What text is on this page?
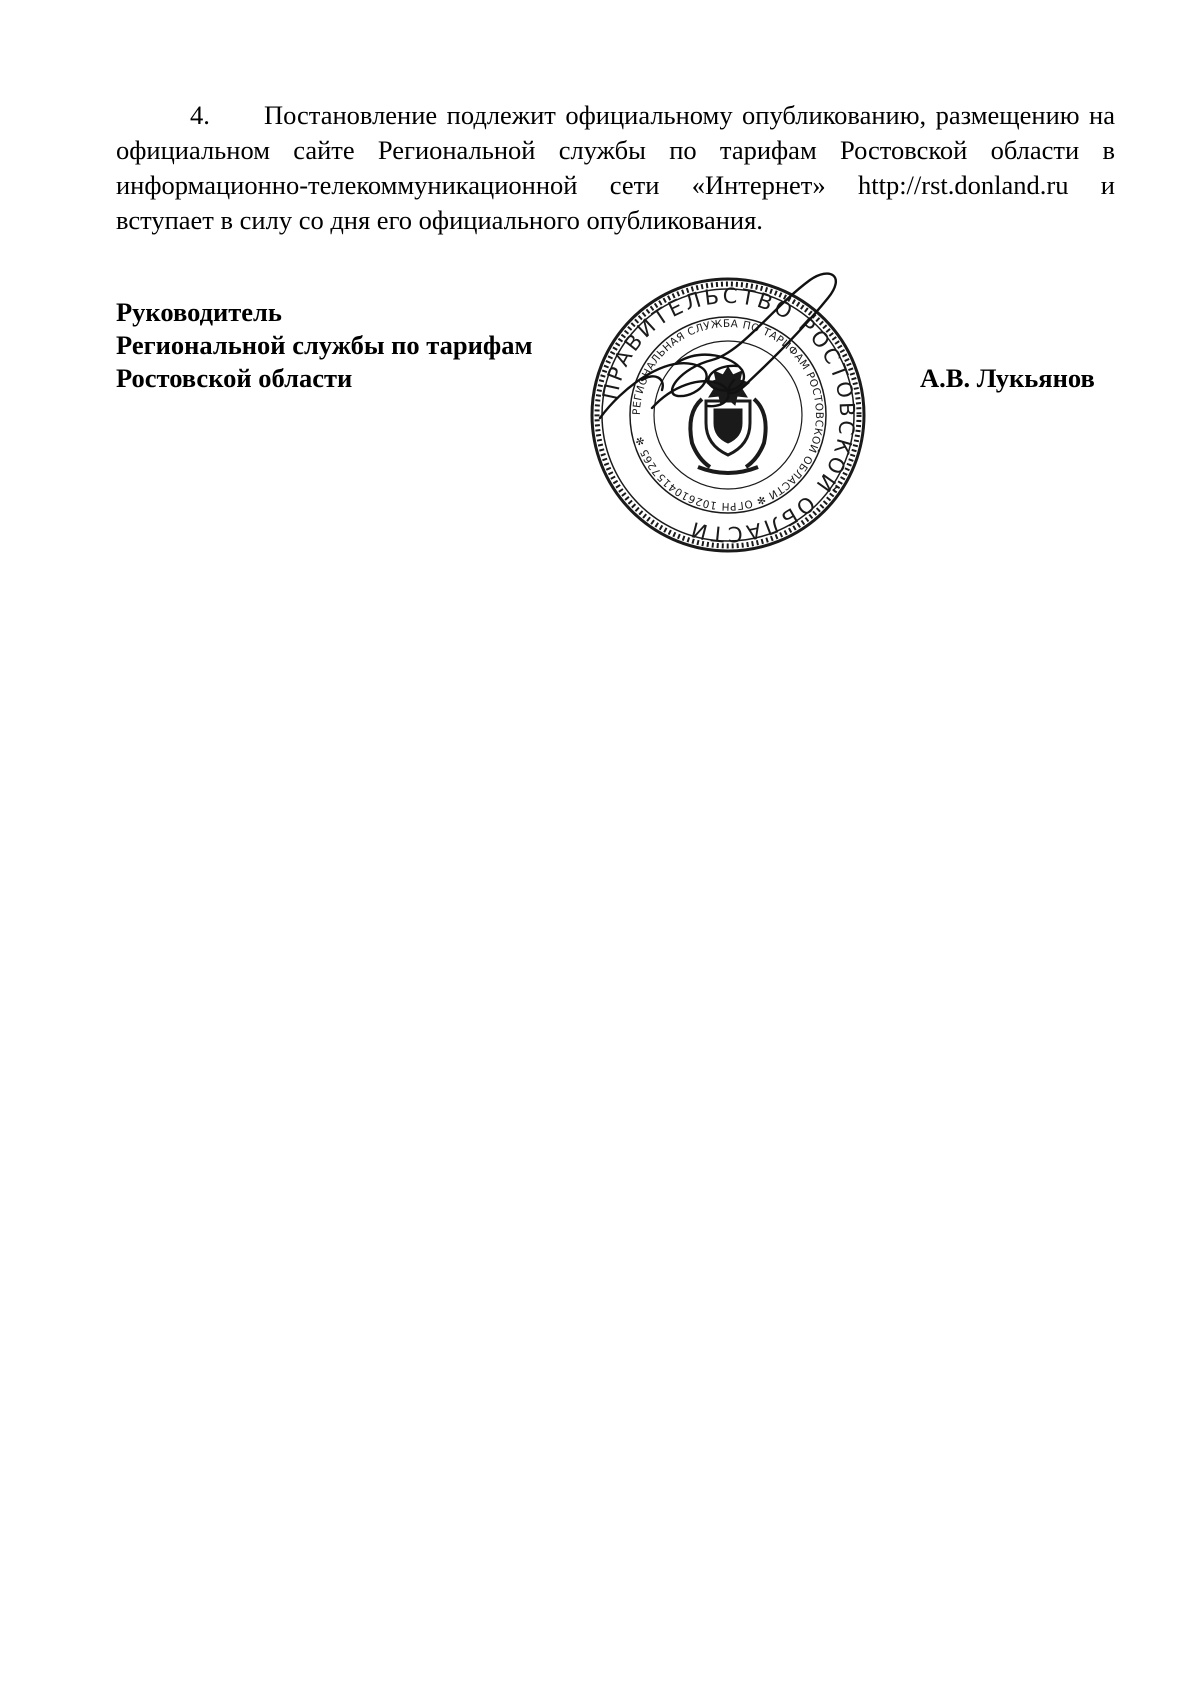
4. Постановление подлежит официальному опубликованию, размещению на официальном сайте Региональной службы по тарифам Ростовской области в информационно-телекоммуникационной сети «Интернет» http://rst.donland.ru и вступает в силу со дня его официального опубликования.

Руководитель
Региональной службы по тарифам
Ростовской области	ПРАВИТЕЛЬСТВО РОСТОВСКОЙ ОБЛАСТИ
РЕГИОНАЛЬНАЯ СЛУЖБА ПО ТАРИФАМ РОСТОВСКОЙ ОБЛАСТИ ✻ ОГРН 1026104157265 ✻
А.В. Лукьянов
